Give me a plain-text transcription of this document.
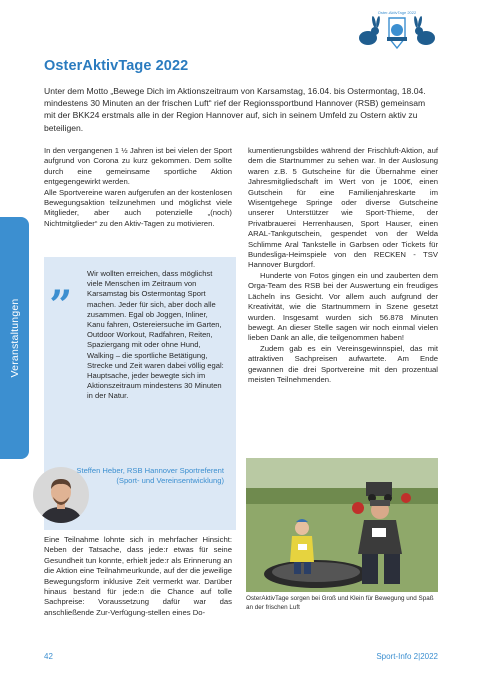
Oster-AktivTage 2022
OsterAktivTage 2022

Unter dem Motto „Bewege Dich im Aktionszeitraum von Karsamstag, 16.04. bis Ostermontag, 18.04. mindestens 30 Minuten an der frischen Luft“ rief der Regionssportbund Hannover (RSB) gemeinsam mit der BKK24 erstmals alle in der Region Hannover auf, sich in seinem Umfeld zu Ostern aktiv zu beteiligen.

Veranstaltungen

In den vergangenen 1 ½ Jahren ist bei vielen der Sport aufgrund von Corona zu kurz gekommen. Dem sollte durch eine gemeinsame sportliche Aktion entgegengewirkt werden.

Alle Sportvereine waren aufgerufen an der kostenlosen Bewegungsaktion teilzunehmen und möglichst viele Mitglieder, aber auch potenzielle „(noch) Nichtmitglieder“ zu den Aktiv-Tagen zu motivieren.

„ Wir wollten erreichen, dass möglichst viele Menschen im Zeitraum von Karsamstag bis Ostermontag Sport machen. Jeder für sich, aber doch alle zusammen. Egal ob Joggen, Inliner, Kanu fahren, Ostereiersuche im Garten, Outdoor Workout, Radfahren, Reiten, Spaziergang mit oder ohne Hund, Walking – die sportliche Betätigung, Strecke und Zeit waren dabei völlig egal: Hauptsache, jeder bewegte sich im Aktionszeitraum mindestens 30 Minuten in der Natur.

Steffen Heber, RSB Hannover Sportreferent (Sport- und Vereinsentwicklung)

Eine Teilnahme lohnte sich in mehrfacher Hinsicht: Neben der Tatsache, dass jede:r etwas für seine Gesundheit tun konnte, erhielt jede:r als Erinnerung an die Aktion eine Teilnahmeurkunde, auf der die jeweilige Bewegungsform inklusive Zeit vermerkt war. Darüber hinaus bestand für jede:n die Chance auf tolle Sachpreise: Voraussetzung dafür war das anschließende Zur-Verfügung-stellen eines Do-

kumentierungsbildes während der Frischluft-Aktion, auf dem die Startnummer zu sehen war. In der Auslosung waren z.B. 5 Gutscheine für die Übernahme einer Jahresmitgliedschaft im Wert von je 100€, einen Gutschein für eine Familienjahreskarte im Wisentgehege Springe oder diverse Gutscheine unserer Unterstützer wie Sport-Thieme, der Privatbrauerei Herrenhausen, Sport Hauser, einen ARAL-Tankgutschein, gespendet von der Welda Schlimme Aral Tankstelle in Garbsen oder Tickets für Bundesliga-Heimspiele von den RECKEN - TSV Hannover Burgdorf.

Hunderte von Fotos gingen ein und zauberten dem Orga-Team des RSB bei der Auswertung ein freudiges Lächeln ins Gesicht. Vor allem auch aufgrund der Kreativität, wie die Startnummern in Szene gesetzt wurden. Insgesamt wurden sich 56.878 Minuten bewegt. An dieser Stelle sagen wir noch einmal vielen lieben Dank an alle, die teilgenommen haben!

Zudem gab es ein Vereinsgewinnspiel, das mit attraktiven Sachpreisen aufwartete. Am Ende gewannen die drei Sportvereine mit den prozentual meisten Teilnehmenden.

OsterAktivTage sorgen bei Groß und Klein für Bewegung und Spaß an der frischen Luft

42	Sport-Info 2|2022
